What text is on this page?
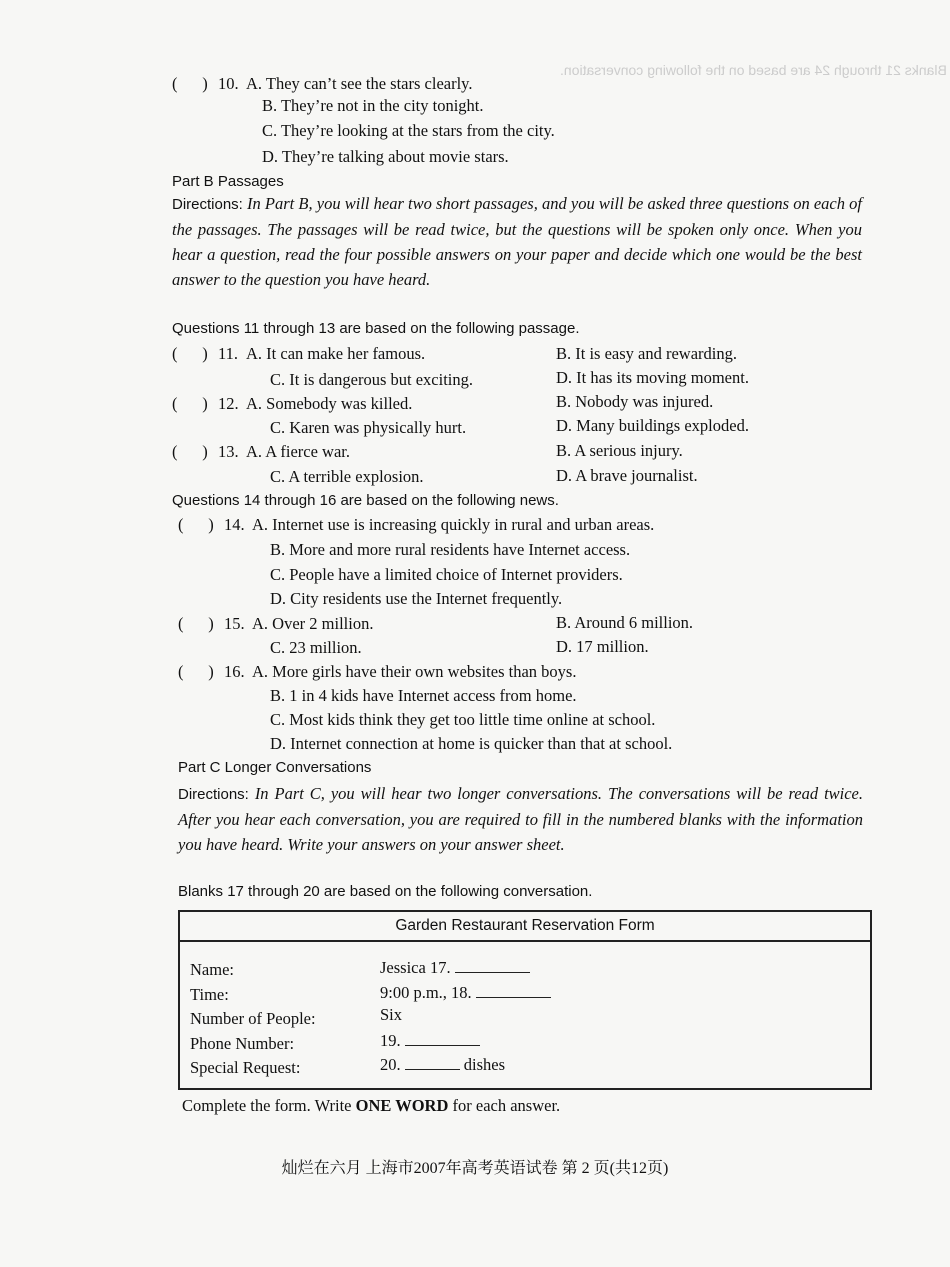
Blanks 21 through 24 are based on the following conversation.
(      ) 10. A. They can’t see the stars clearly.
B. They’re not in the city tonight.
C. They’re looking at the stars from the city.
D. They’re talking about movie stars.
Part B Passages
Directions: In Part B, you will hear two short passages, and you will be asked three questions on each of the passages. The passages will be read twice, but the questions will be spoken only once. When you hear a question, read the four possible answers on your paper and decide which one would be the best answer to the question you have heard.
Questions 11 through 13 are based on the following passage.
(      ) 11. A. It can make her famous.	B. It is easy and rewarding.
C. It is dangerous but exciting.	D. It has its moving moment.
(      ) 12. A. Somebody was killed.	B. Nobody was injured.
C. Karen was physically hurt.	D. Many buildings exploded.
(      ) 13. A. A fierce war.	B. A serious injury.
C. A terrible explosion.	D. A brave journalist.
Questions 14 through 16 are based on the following news.
(      ) 14. A. Internet use is increasing quickly in rural and urban areas.
B. More and more rural residents have Internet access.
C. People have a limited choice of Internet providers.
D. City residents use the Internet frequently.
(      ) 15. A. Over 2 million.	B. Around 6 million.
C. 23 million.	D. 17 million.
(      ) 16. A. More girls have their own websites than boys.
B. 1 in 4 kids have Internet access from home.
C. Most kids think they get too little time online at school.
D. Internet connection at home is quicker than that at school.
Part C Longer Conversations
Directions: In Part C, you will hear two longer conversations. The conversations will be read twice. After you hear each conversation, you are required to fill in the numbered blanks with the information you have heard. Write your answers on your answer sheet.
Blanks 17 through 20 are based on the following conversation.
Garden Restaurant Reservation Form
Name:	Jessica 17.
Time:	9:00 p.m., 18.
Number of People:	Six
Phone Number:	19.
Special Request:	20.	dishes
Complete the form. Write ONE WORD for each answer.
灿烂在六月 上海市2007年高考英语试卷 第 2 页(共12页)
